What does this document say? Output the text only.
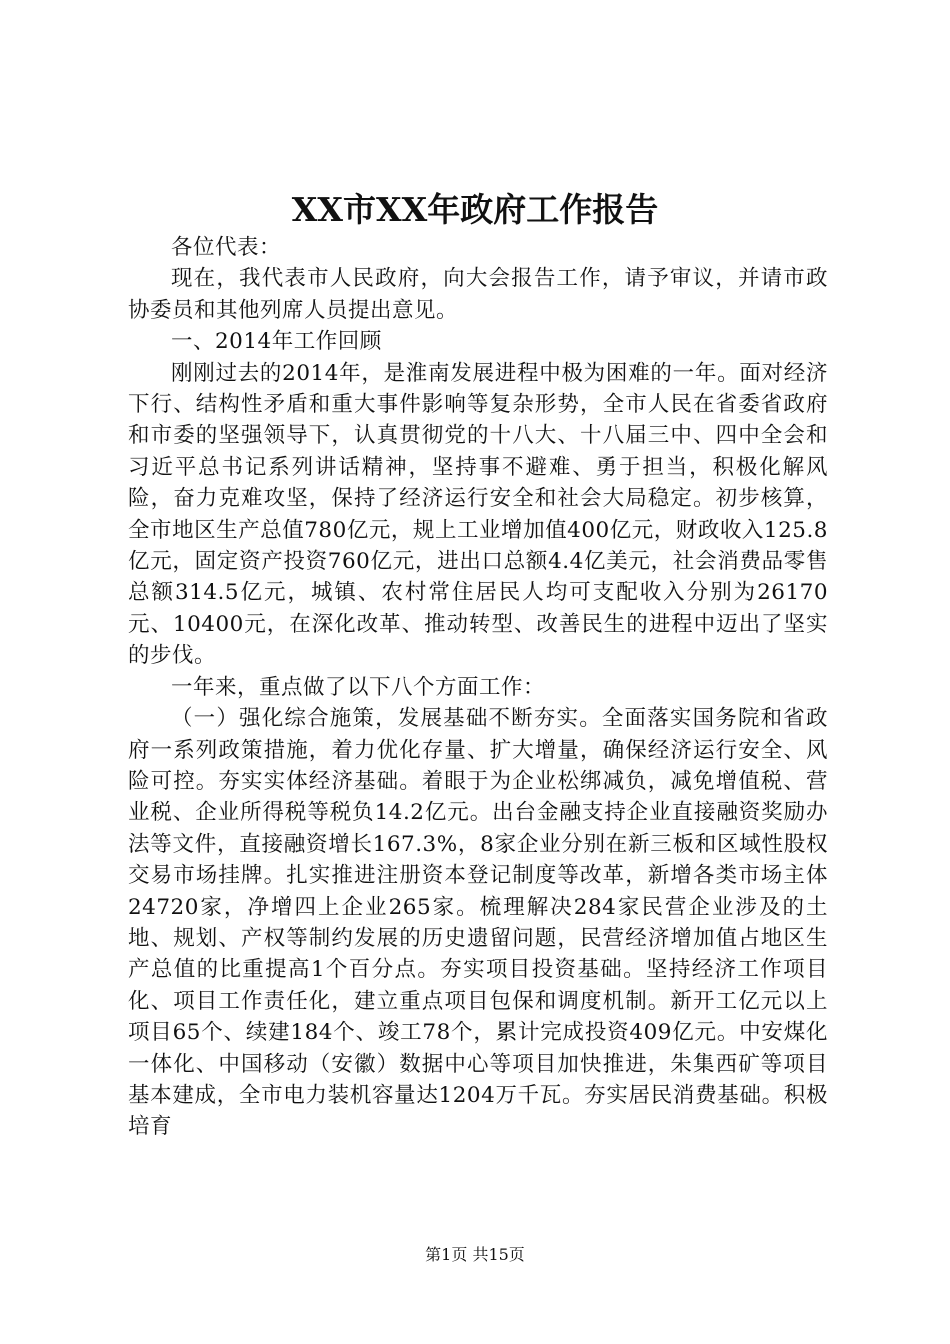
XX市XX年政府工作报告

各位代表：

现在，我代表市人民政府，向大会报告工作，请予审议，并请市政协委员和其他列席人员提出意见。

一、2014年工作回顾

刚刚过去的2014年，是淮南发展进程中极为困难的一年。面对经济下行、结构性矛盾和重大事件影响等复杂形势，全市人民在省委省政府和市委的坚强领导下，认真贯彻党的十八大、十八届三中、四中全会和习近平总书记系列讲话精神，坚持事不避难、勇于担当，积极化解风险，奋力克难攻坚，保持了经济运行安全和社会大局稳定。初步核算，全市地区生产总值780亿元，规上工业增加值400亿元，财政收入125.8亿元，固定资产投资760亿元，进出口总额4.4亿美元，社会消费品零售总额314.5亿元，城镇、农村常住居民人均可支配收入分别为26170元、10400元，在深化改革、推动转型、改善民生的进程中迈出了坚实的步伐。

一年来，重点做了以下八个方面工作：

（一）强化综合施策，发展基础不断夯实。全面落实国务院和省政府一系列政策措施，着力优化存量、扩大增量，确保经济运行安全、风险可控。夯实实体经济基础。着眼于为企业松绑减负，减免增值税、营业税、企业所得税等税负14.2亿元。出台金融支持企业直接融资奖励办法等文件，直接融资增长167.3%，8家企业分别在新三板和区域性股权交易市场挂牌。扎实推进注册资本登记制度等改革，新增各类市场主体24720家，净增四上企业265家。梳理解决284家民营企业涉及的土地、规划、产权等制约发展的历史遗留问题，民营经济增加值占地区生产总值的比重提高1个百分点。夯实项目投资基础。坚持经济工作项目化、项目工作责任化，建立重点项目包保和调度机制。新开工亿元以上项目65个、续建184个、竣工78个，累计完成投资409亿元。中安煤化一体化、中国移动（安徽）数据中心等项目加快推进，朱集西矿等项目基本建成，全市电力装机容量达1204万千瓦。夯实居民消费基础。积极培育

第1页 共15页
